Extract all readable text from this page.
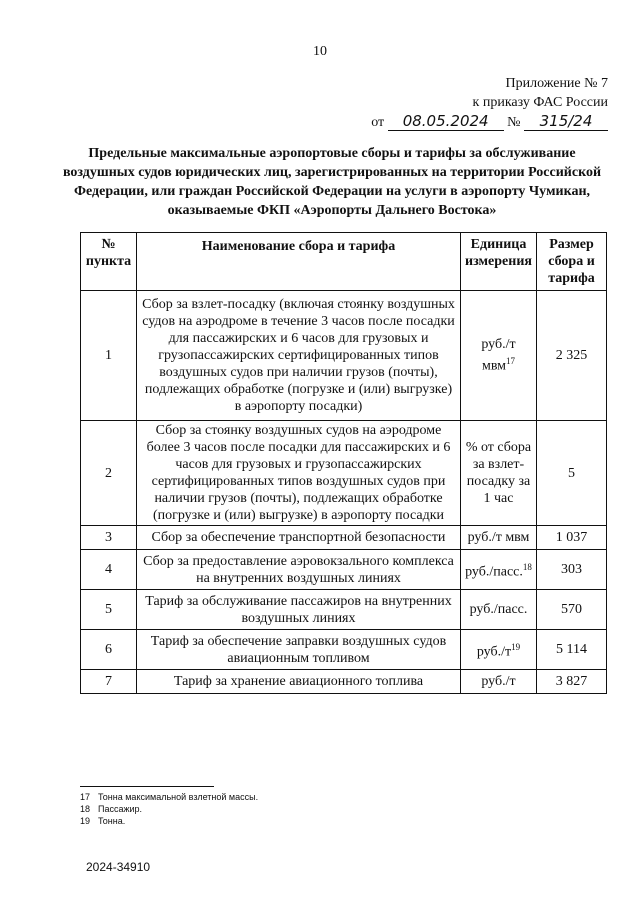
10
Приложение № 7
к приказу ФАС России
от 08.05.2024 № 315/24
Предельные максимальные аэропортовые сборы и тарифы за обслуживание воздушных судов юридических лиц, зарегистрированных на территории Российской Федерации, или граждан Российской Федерации на услуги в аэропорту Чумикан, оказываемые ФКП «Аэропорты Дальнего Востока»
№ пункта	Наименование сбора и тарифа	Единица измерения	Размер сбора и тарифа
1	Сбор за взлет-посадку (включая стоянку воздушных судов на аэродроме в течение 3 часов после посадки для пассажирских и 6 часов для грузовых и грузопассажирских сертифицированных типов воздушных судов при наличии грузов (почты), подлежащих обработке (погрузке и (или) выгрузке) в аэропорту посадки)	руб./т мвм$^{17}$	2 325
2	Сбор за стоянку воздушных судов на аэродроме более 3 часов после посадки для пассажирских и 6 часов для грузовых и грузопассажирских сертифицированных типов воздушных судов при наличии грузов (почты), подлежащих обработке (погрузке и (или) выгрузке) в аэропорту посадки	% от сбора за взлет-посадку за 1 час	5
3	Сбор за обеспечение транспортной безопасности	руб./т мвм	1 037
4	Сбор за предоставление аэровокзального комплекса на внутренних воздушных линиях	руб./пасс.$^{18}$	303
5	Тариф за обслуживание пассажиров на внутренних воздушных линиях	руб./пасс.	570
6	Тариф за обеспечение заправки воздушных судов авиационным топливом	$руб./т^{19}$	5 114
7	Тариф за хранение авиационного топлива	руб./т	3 827
17 Тонна максимальной взлетной массы.
18 Пассажир.
19 Тонна.
2024-34910
